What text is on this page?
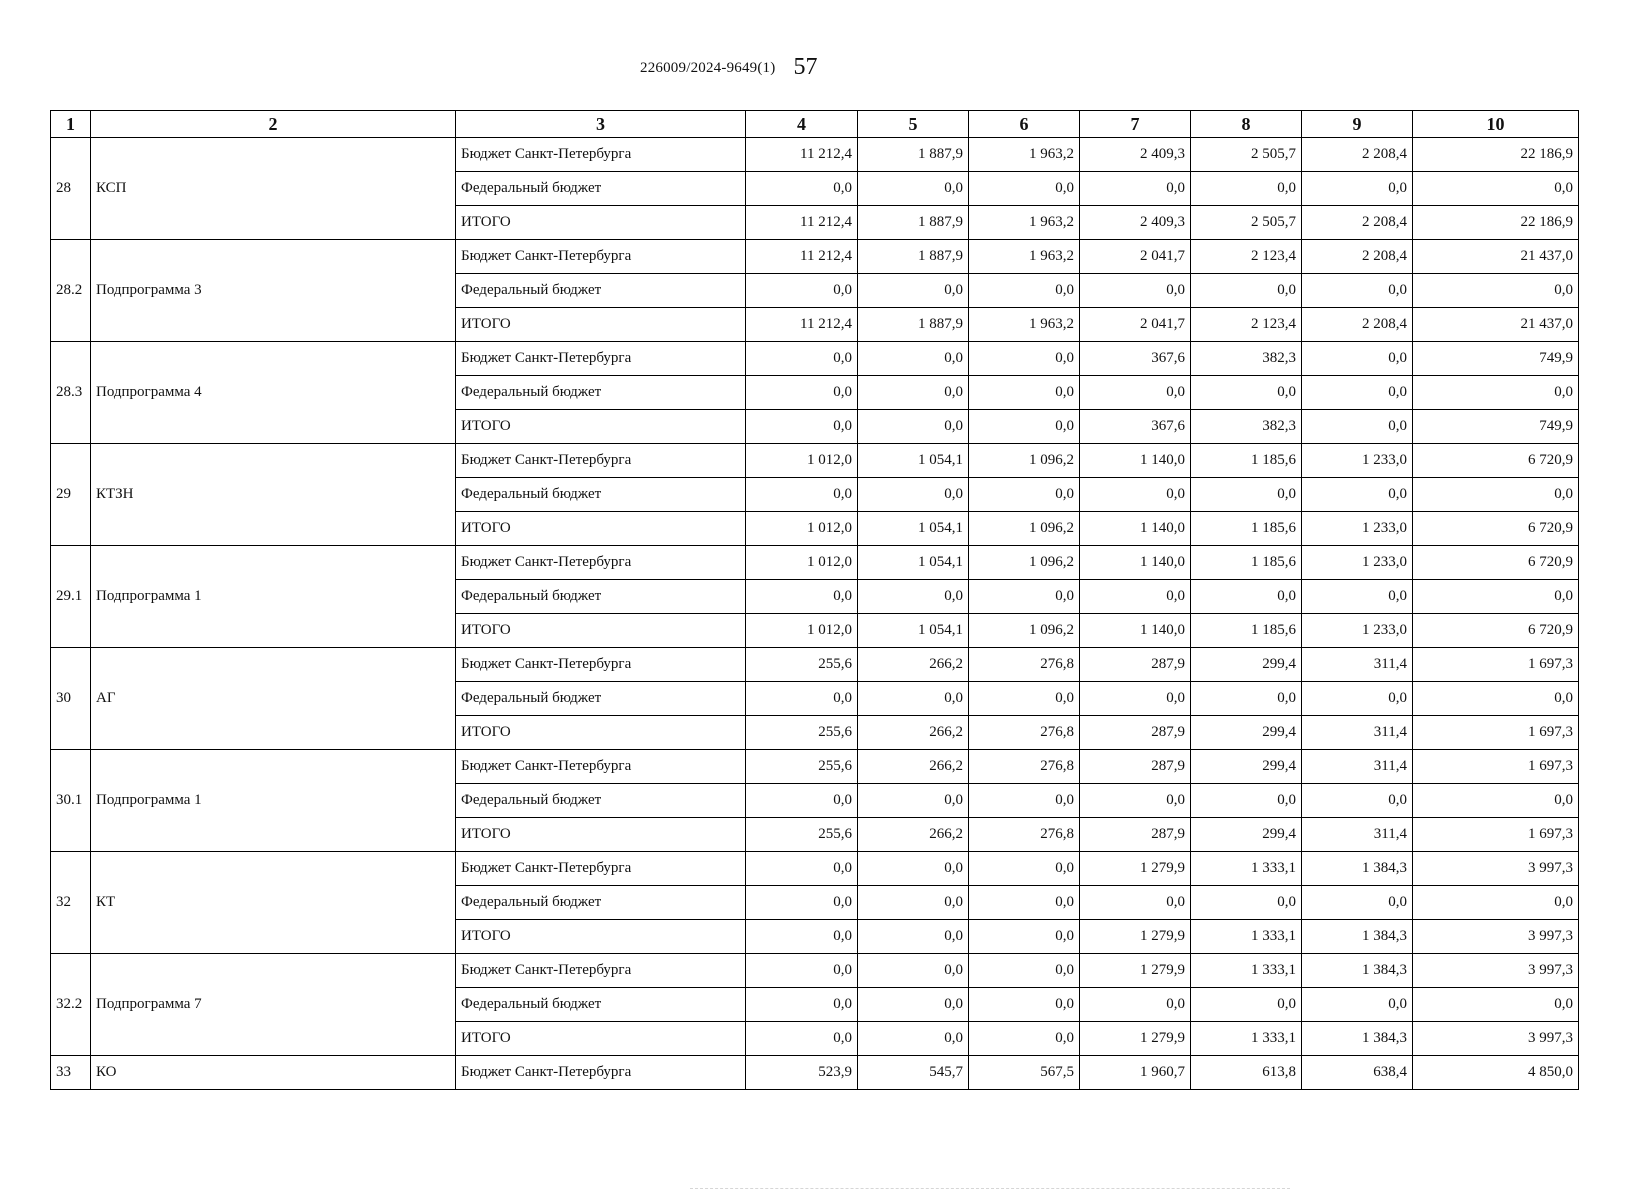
226009/2024-9649(1) 57
1	2	3	4	5	6	7	8	9	10
28	КСП	Бюджет Санкт-Петербурга	11 212,4	1 887,9	1 963,2	2 409,3	2 505,7	2 208,4	22 186,9
		Федеральный бюджет	0,0	0,0	0,0	0,0	0,0	0,0	0,0
		ИТОГО	11 212,4	1 887,9	1 963,2	2 409,3	2 505,7	2 208,4	22 186,9
28.2	Подпрограмма 3	Бюджет Санкт-Петербурга	11 212,4	1 887,9	1 963,2	2 041,7	2 123,4	2 208,4	21 437,0
		Федеральный бюджет	0,0	0,0	0,0	0,0	0,0	0,0	0,0
		ИТОГО	11 212,4	1 887,9	1 963,2	2 041,7	2 123,4	2 208,4	21 437,0
28.3	Подпрограмма 4	Бюджет Санкт-Петербурга	0,0	0,0	0,0	367,6	382,3	0,0	749,9
		Федеральный бюджет	0,0	0,0	0,0	0,0	0,0	0,0	0,0
		ИТОГО	0,0	0,0	0,0	367,6	382,3	0,0	749,9
29	КТЗН	Бюджет Санкт-Петербурга	1 012,0	1 054,1	1 096,2	1 140,0	1 185,6	1 233,0	6 720,9
		Федеральный бюджет	0,0	0,0	0,0	0,0	0,0	0,0	0,0
		ИТОГО	1 012,0	1 054,1	1 096,2	1 140,0	1 185,6	1 233,0	6 720,9
29.1	Подпрограмма 1	Бюджет Санкт-Петербурга	1 012,0	1 054,1	1 096,2	1 140,0	1 185,6	1 233,0	6 720,9
		Федеральный бюджет	0,0	0,0	0,0	0,0	0,0	0,0	0,0
		ИТОГО	1 012,0	1 054,1	1 096,2	1 140,0	1 185,6	1 233,0	6 720,9
30	АГ	Бюджет Санкт-Петербурга	255,6	266,2	276,8	287,9	299,4	311,4	1 697,3
		Федеральный бюджет	0,0	0,0	0,0	0,0	0,0	0,0	0,0
		ИТОГО	255,6	266,2	276,8	287,9	299,4	311,4	1 697,3
30.1	Подпрограмма 1	Бюджет Санкт-Петербурга	255,6	266,2	276,8	287,9	299,4	311,4	1 697,3
		Федеральный бюджет	0,0	0,0	0,0	0,0	0,0	0,0	0,0
		ИТОГО	255,6	266,2	276,8	287,9	299,4	311,4	1 697,3
32	КТ	Бюджет Санкт-Петербурга	0,0	0,0	0,0	1 279,9	1 333,1	1 384,3	3 997,3
		Федеральный бюджет	0,0	0,0	0,0	0,0	0,0	0,0	0,0
		ИТОГО	0,0	0,0	0,0	1 279,9	1 333,1	1 384,3	3 997,3
32.2	Подпрограмма 7	Бюджет Санкт-Петербурга	0,0	0,0	0,0	1 279,9	1 333,1	1 384,3	3 997,3
		Федеральный бюджет	0,0	0,0	0,0	0,0	0,0	0,0	0,0
		ИТОГО	0,0	0,0	0,0	1 279,9	1 333,1	1 384,3	3 997,3
33	КО	Бюджет Санкт-Петербурга	523,9	545,7	567,5	1 960,7	613,8	638,4	4 850,0
